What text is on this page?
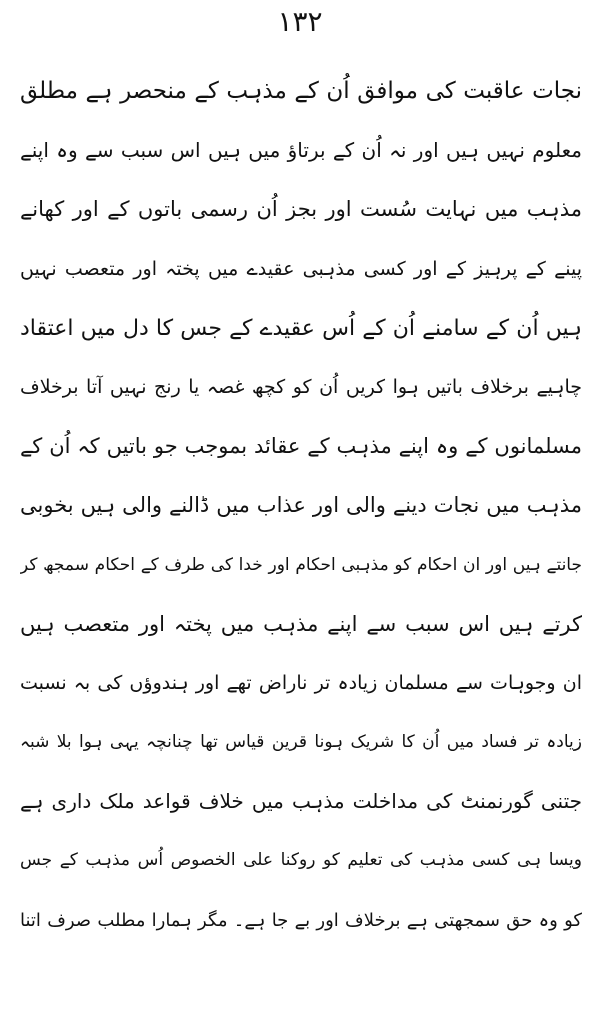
١٣٢
نجات عاقبت کی موافق اُن کے مذہب کے منحصر ہے مطلق
معلوم نہیں ہیں اور نہ اُن کے برتاؤ میں ہیں اس سبب سے وہ اپنے
مذہب میں نہایت سُست اور بجز اُن رسمی باتوں کے اور کھانے
پینے کے پرہیز کے اور کسی مذہبی عقیدے میں پختہ اور متعصب نہیں
ہیں اُن کے سامنے اُن کے اُس عقیدے کے جس کا دل میں اعتقاد
چاہیے برخلاف باتیں ہوا کریں اُن کو کچھ غصہ یا رنج نہیں آتا برخلاف
مسلمانوں کے وہ اپنے مذہب کے عقائد بموجب جو باتیں کہ اُن کے
مذہب میں نجات دینے والی اور عذاب میں ڈالنے والی ہیں بخوبی
جانتے ہیں اور ان احکام کو مذہبی احکام اور خدا کی طرف کے احکام سمجھ کر
کرتے ہیں اس سبب سے اپنے مذہب میں پختہ اور متعصب ہیں
ان وجوہات سے مسلمان زیادہ تر ناراض تھے اور ہندوؤں کی بہ نسبت
زیادہ تر فساد میں اُن کا شریک ہونا قرین قیاس تھا چنانچہ یہی ہوا بلا شبہ
جتنی گورنمنٹ کی مداخلت مذہب میں خلاف قواعد ملک داری ہے
ویسا ہی کسی مذہب کی تعلیم کو روکنا علی الخصوص اُس مذہب کے جس
کو وہ حق سمجھتی ہے برخلاف اور بے جا ہے۔ مگر ہمارا مطلب صرف اتنا
